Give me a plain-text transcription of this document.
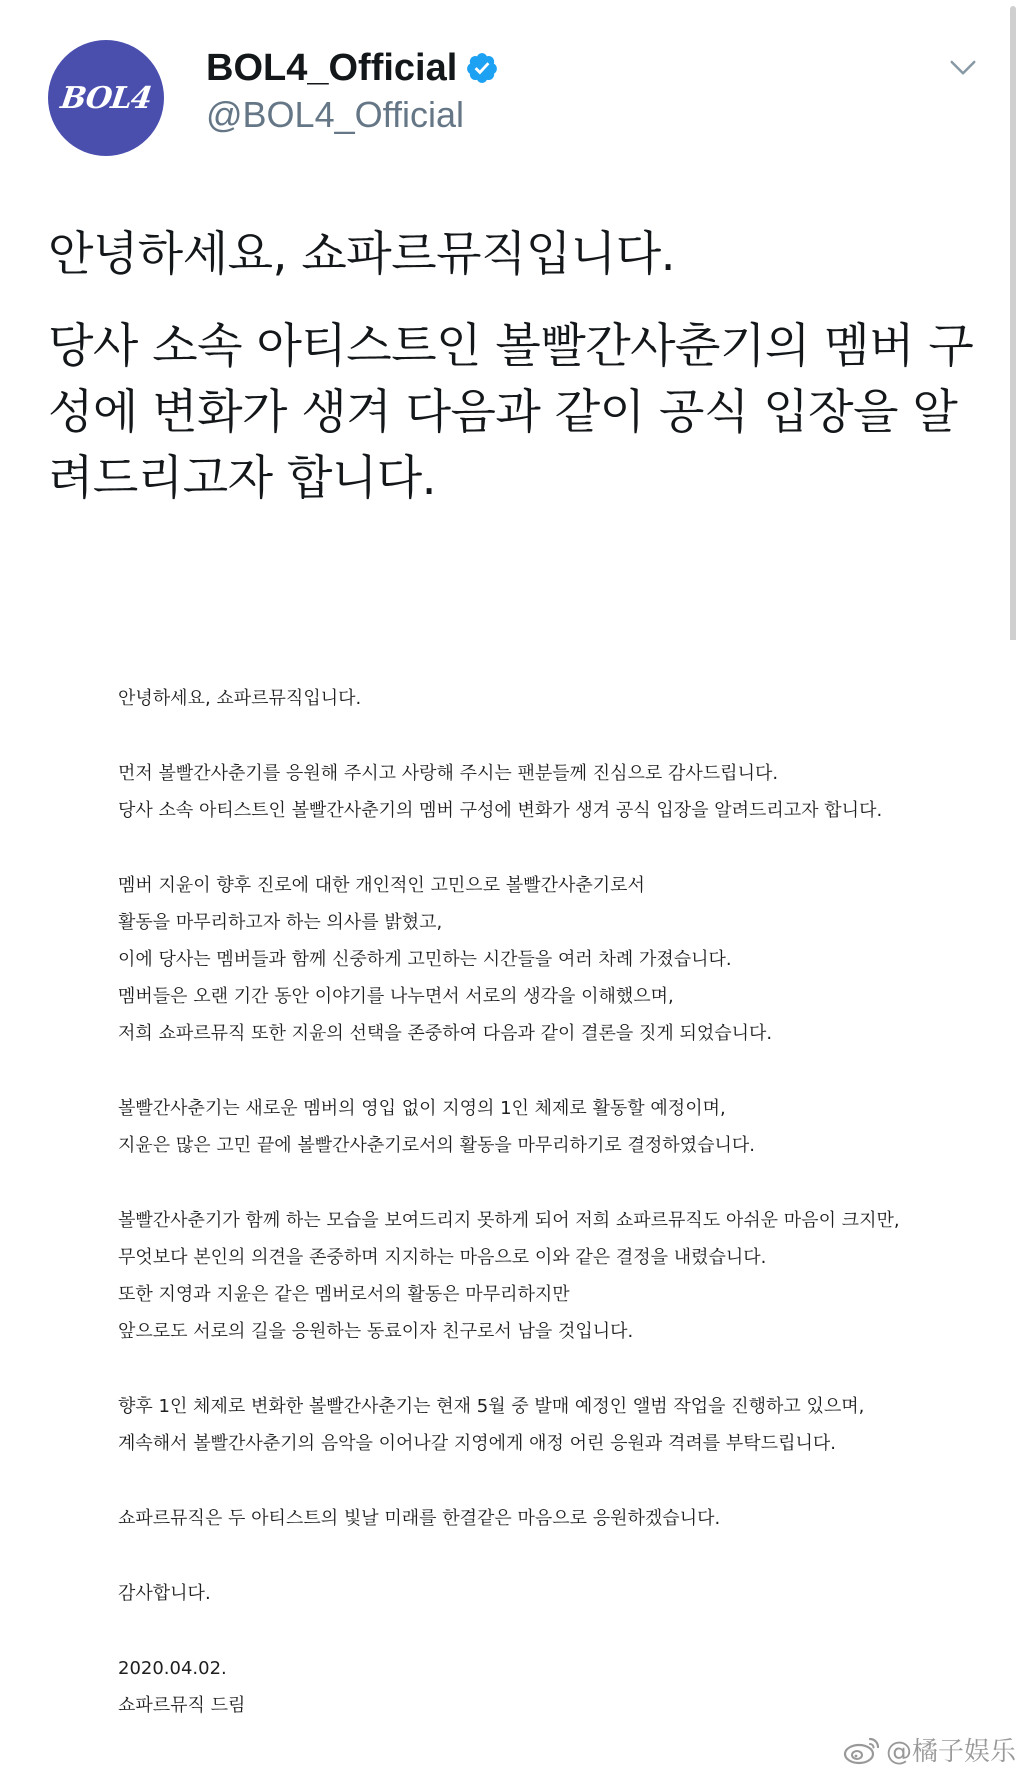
BOL4
BOL4_Official
@BOL4_Official

안녕하세요, 쇼파르뮤직입니다.

당사 소속 아티스트인 볼빨간사춘기의 멤버 구성에 변화가 생겨 다음과 같이 공식 입장을 알려드리고자 합니다.

안녕하세요, 쇼파르뮤직입니다.
먼저 볼빨간사춘기를 응원해 주시고 사랑해 주시는 팬분들께 진심으로 감사드립니다.
당사 소속 아티스트인 볼빨간사춘기의 멤버 구성에 변화가 생겨 공식 입장을 알려드리고자 합니다.
멤버 지윤이 향후 진로에 대한 개인적인 고민으로 볼빨간사춘기로서
활동을 마무리하고자 하는 의사를 밝혔고,
이에 당사는 멤버들과 함께 신중하게 고민하는 시간들을 여러 차례 가졌습니다.
멤버들은 오랜 기간 동안 이야기를 나누면서 서로의 생각을 이해했으며,
저희 쇼파르뮤직 또한 지윤의 선택을 존중하여 다음과 같이 결론을 짓게 되었습니다.
볼빨간사춘기는 새로운 멤버의 영입 없이 지영의 1인 체제로 활동할 예정이며,
지윤은 많은 고민 끝에 볼빨간사춘기로서의 활동을 마무리하기로 결정하였습니다.
볼빨간사춘기가 함께 하는 모습을 보여드리지 못하게 되어 저희 쇼파르뮤직도 아쉬운 마음이 크지만,
무엇보다 본인의 의견을 존중하며 지지하는 마음으로 이와 같은 결정을 내렸습니다.
또한 지영과 지윤은 같은 멤버로서의 활동은 마무리하지만
앞으로도 서로의 길을 응원하는 동료이자 친구로서 남을 것입니다.
향후 1인 체제로 변화한 볼빨간사춘기는 현재 5월 중 발매 예정인 앨범 작업을 진행하고 있으며,
계속해서 볼빨간사춘기의 음악을 이어나갈 지영에게 애정 어린 응원과 격려를 부탁드립니다.
쇼파르뮤직은 두 아티스트의 빛날 미래를 한결같은 마음으로 응원하겠습니다.
감사합니다.
2020.04.02.
쇼파르뮤직 드림
@橘子娱乐
